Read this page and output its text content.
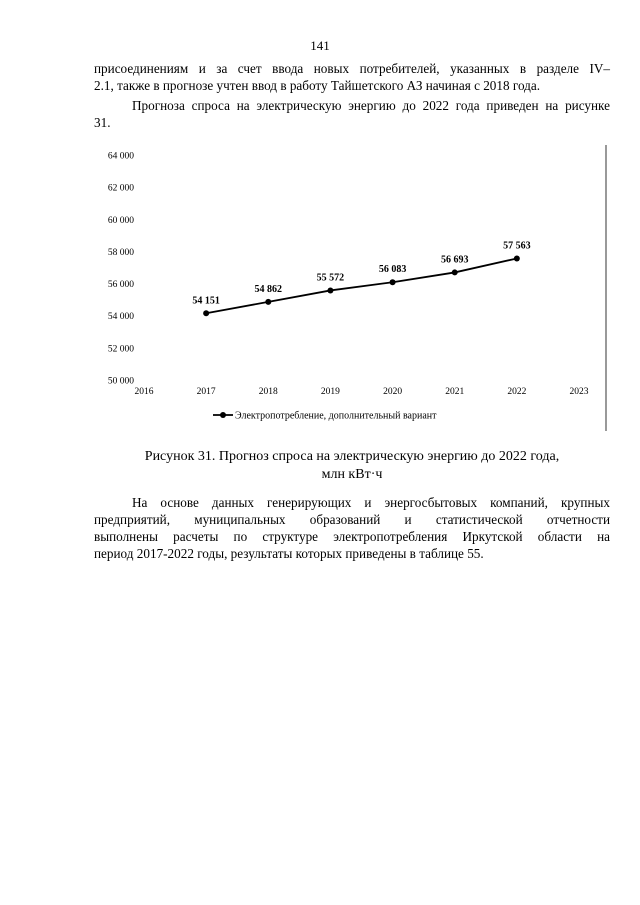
141
присоединениям и за счет ввода новых потребителей, указанных в разделе IV–
2.1, также в прогнозе учтен ввод в работу Тайшетского АЗ начиная с 2018 года.
Прогноза спроса на электрическую энергию до 2022 года приведен на рисунке
31.
50 000
52 000
54 000
56 000
58 000
60 000
62 000
64 000
2016	2017	2018	2019	2020	2021	2022	2023
54 151
54 862
55 572
56 083
56 693
57 563
Электропотребление, дополнительный вариант
Рисунок 31. Прогноз спроса на электрическую энергию до 2022 года,
млн кВт·ч
На основе данных генерирующих и энергосбытовых компаний, крупных
предприятий, муниципальных образований и статистической отчетности
выполнены расчеты по структуре электропотребления Иркутской области на
период 2017-2022 годы, результаты которых приведены в таблице 55.
